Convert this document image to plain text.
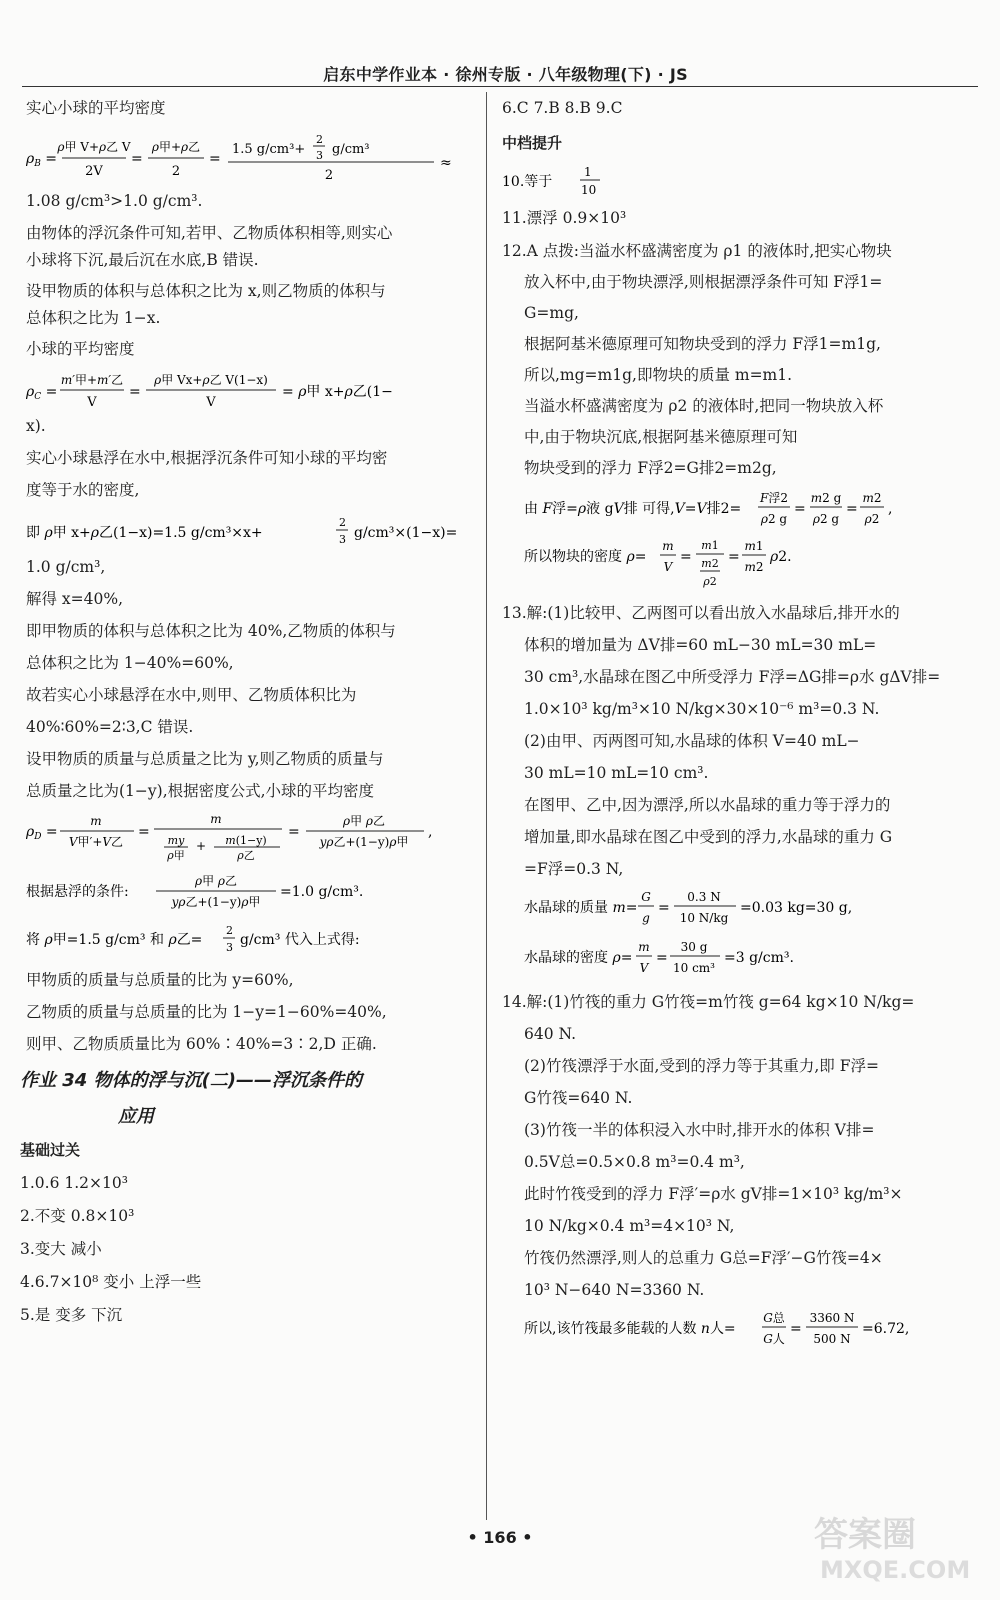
启东中学作业本 · 徐州专版 · 八年级物理(下) · JS
实心小球的平均密度
$\rho_B$ =
ρ甲 V+ρ乙 V
2V
=
ρ甲+ρ乙
2
=
1.5 g/cm³+
2
3 g/cm³
2
≈
1.08 g/cm³>1.0 g/cm³.
由物体的浮沉条件可知,若甲、乙物质体积相等,则实心
小球将下沉,最后沉在水底,B 错误.
设甲物质的体积与总体积之比为 x,则乙物质的体积与
总体积之比为 1−x.
小球的平均密度
$\rho_C$ =
m′甲+m′乙
V
=
ρ甲 Vx+ρ乙 V(1−x)
V
= ρ甲 x+ρ乙(1−
x).
实心小球悬浮在水中,根据浮沉条件可知小球的平均密
度等于水的密度,
即 ρ甲 x+ρ乙(1−x)=1.5 g/cm³×x+
2
3 g/cm³×(1−x)=
1.0 g/cm³,
解得 x=40%,
即甲物质的体积与总体积之比为 40%,乙物质的体积与
总体积之比为 1−40%=60%,
故若实心小球悬浮在水中,则甲、乙物质体积比为
40%∶60%=2∶3,C 错误.
设甲物质的质量与总质量之比为 y,则乙物质的质量与
总质量之比为(1−y),根据密度公式,小球的平均密度
$\rho_D$ =
m
V甲′+V乙
=
m
my
ρ甲
+ m(1−y)
ρ乙
=
ρ甲 ρ乙
yρ乙+(1−y)ρ甲
,
根据悬浮的条件:
ρ甲 ρ乙
yρ乙+(1−y)ρ甲
=1.0 g/cm³.
将 ρ甲=1.5 g/cm³ 和 ρ乙=
2
3 g/cm³ 代入上式得:
甲物质的质量与总质量的比为 y=60%,
乙物质的质量与总质量的比为 1−y=1−60%=40%,
则甲、乙物质质量比为 60%∶40%=3∶2,D 正确.
作业 34 物体的浮与沉(二)——浮沉条件的
应用
基础过关
1.0.6 1.2×10³
2.不变 0.8×10³
3.变大 减小
4.6.7×10⁸ 变小 上浮一些
5.是 变多 下沉
6.C 7.B 8.B 9.C
中档提升
10.等于
1
10
11.漂浮 0.9×10³
12.A 点拨:当溢水杯盛满密度为 ρ1 的液体时,把实心物块
放入杯中,由于物块漂浮,则根据漂浮条件可知 F浮1=
G=mg,
根据阿基米德原理可知物块受到的浮力 F浮1=m1g,
所以,mg=m1g,即物块的质量 m=m1.
当溢水杯盛满密度为 ρ2 的液体时,把同一物块放入杯
中,由于物块沉底,根据阿基米德原理可知
物块受到的浮力 F浮2=G排2=m2g,
由 F浮=ρ液 gV排 可得,V=V排2=
F浮2
ρ2 g
=
m2 g
ρ2 g
=
m2
ρ2
,
所以物块的密度 ρ=
m
V
=
m1
m2
ρ2
=
m1
m2
ρ2.
13.解:(1)比较甲、乙两图可以看出放入水晶球后,排开水的
体积的增加量为 ΔV排=60 mL−30 mL=30 mL=
30 cm³,水晶球在图乙中所受浮力 F浮=ΔG排=ρ水 gΔV排=
1.0×10³ kg/m³×10 N/kg×30×10⁻⁶ m³=0.3 N.
(2)由甲、丙两图可知,水晶球的体积 V=40 mL−
30 mL=10 mL=10 cm³.
在图甲、乙中,因为漂浮,所以水晶球的重力等于浮力的
增加量,即水晶球在图乙中受到的浮力,水晶球的重力 G
=F浮=0.3 N,
水晶球的质量 m=
G
g
=
0.3 N
10 N/kg
=0.03 kg=30 g,
水晶球的密度 ρ=
m
V
=
30 g
10 cm³
=3 g/cm³.
14.解:(1)竹筏的重力 G竹筏=m竹筏 g=64 kg×10 N/kg=
640 N.
(2)竹筏漂浮于水面,受到的浮力等于其重力,即 F浮=
G竹筏=640 N.
(3)竹筏一半的体积浸入水中时,排开水的体积 V排=
0.5V总=0.5×0.8 m³=0.4 m³,
此时竹筏受到的浮力 F浮′=ρ水 gV排=1×10³ kg/m³×
10 N/kg×0.4 m³=4×10³ N,
竹筏仍然漂浮,则人的总重力 G总=F浮′−G竹筏=4×
10³ N−640 N=3360 N.
所以,该竹筏最多能载的人数 n人=
G总
G人
=
3360 N
500 N
=6.72,
• 166 •	答案圈
MXQE.COM
